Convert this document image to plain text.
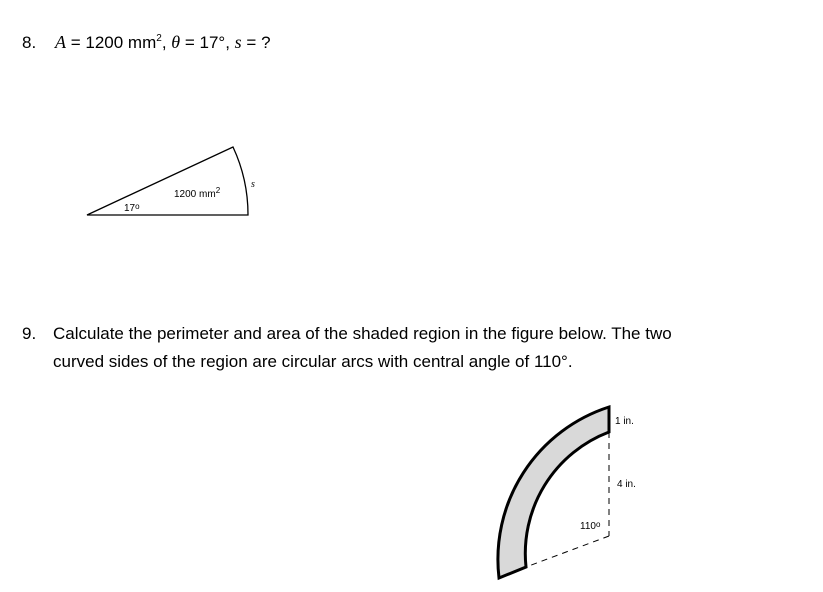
8. A = 1200 $mm^2$, θ = 17°, s = ?
1200 $mm^2$
17$^o$
s
9. Calculate the perimeter and area of the shaded region in the figure below. The two
curved sides of the region are circular arcs with central angle of 110°.
1 in.
4 in.
110$^o$
